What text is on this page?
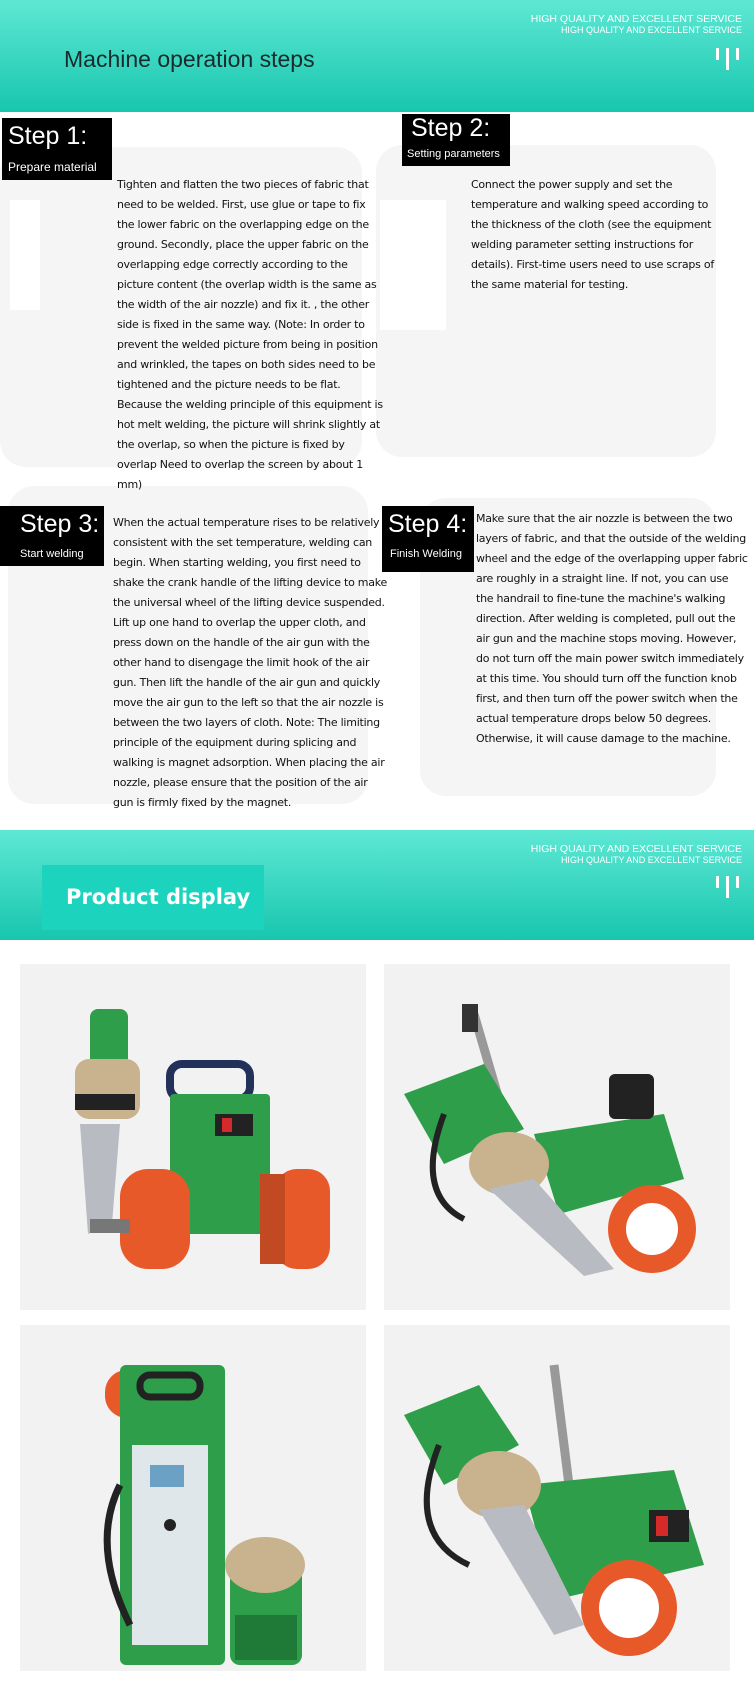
HIGH QUALITY AND EXCELLENT SERVICE
HIGH QUALITY AND EXCELLENT SERVICE
Machine operation steps
Step 1:
Prepare material
Tighten and flatten the two pieces of fabric that need to be welded. First, use glue or tape to fix the lower fabric on the overlapping edge on the ground. Secondly, place the upper fabric on the overlapping edge correctly according to the picture content (the overlap width is the same as the width of the air nozzle) and fix it. , the other side is fixed in the same way. (Note: In order to prevent the welded picture from being in position and wrinkled, the tapes on both sides need to be tightened and the picture needs to be flat. Because the welding principle of this equipment is hot melt welding, the picture will shrink slightly at the overlap, so when the picture is fixed by overlap Need to overlap the screen by about 1 mm)
Step 2:
Setting parameters
Connect the power supply and set the temperature and walking speed according to the thickness of the cloth (see the equipment welding parameter setting instructions for details). First-time users need to use scraps of the same material for testing.
Step 3:
Start welding
When the actual temperature rises to be relatively consistent with the set temperature, welding can begin. When starting welding, you first need to shake the crank handle of the lifting device to make the universal wheel of the lifting device suspended. Lift up one hand to overlap the upper cloth, and press down on the handle of the air gun with the other hand to disengage the limit hook of the air gun. Then lift the handle of the air gun and quickly move the air gun to the left so that the air nozzle is between the two layers of cloth. Note: The limiting principle of the equipment during splicing and walking is magnet adsorption. When placing the air nozzle, please ensure that the position of the air gun is firmly fixed by the magnet.
Step 4:
Finish Welding
Make sure that the air nozzle is between the two layers of fabric, and that the outside of the welding wheel and the edge of the overlapping upper fabric are roughly in a straight line. If not, you can use the handrail to fine-tune the machine's walking direction. After welding is completed, pull out the air gun and the machine stops moving. However, do not turn off the main power switch immediately at this time. You should turn off the function knob first, and then turn off the power switch when the actual temperature drops below 50 degrees. Otherwise, it will cause damage to the machine.
HIGH QUALITY AND EXCELLENT SERVICE
HIGH QUALITY AND EXCELLENT SERVICE
Product display
